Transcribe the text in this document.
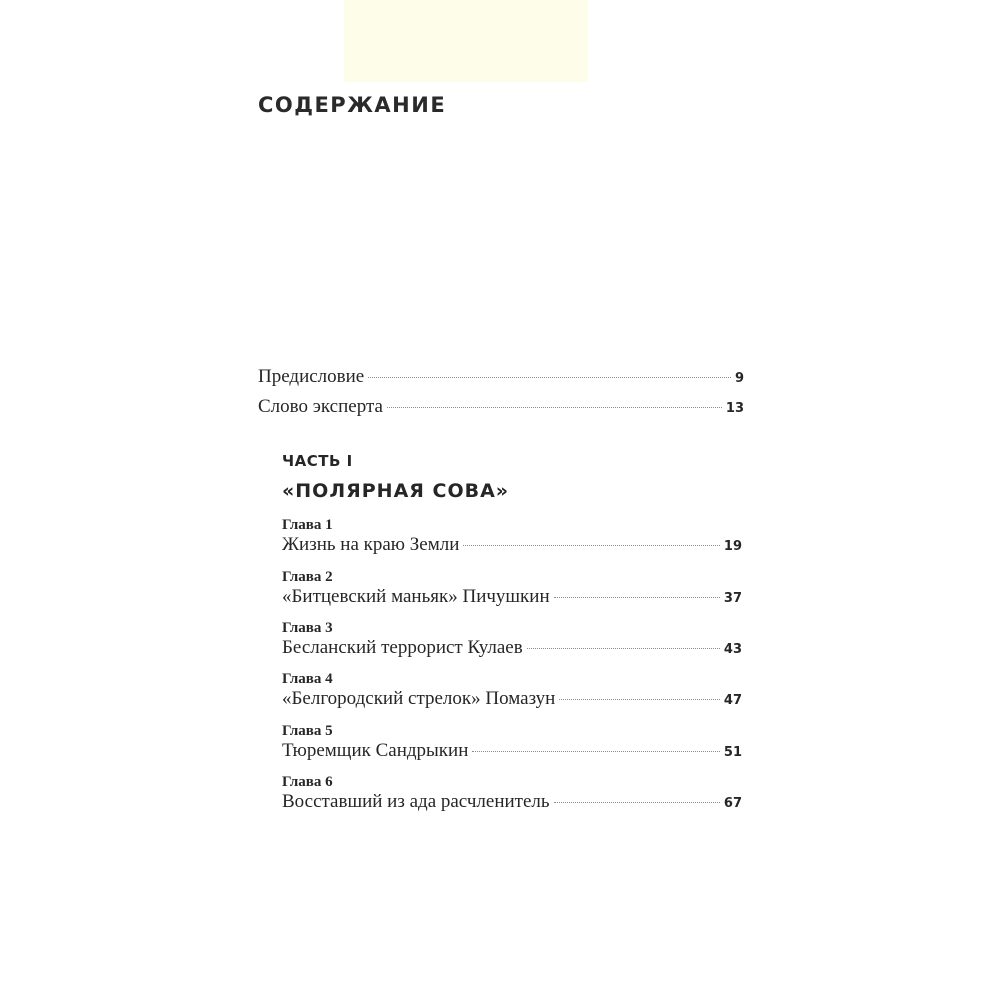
СОДЕРЖАНИЕ
Предисловие	9
Слово эксперта	13
ЧАСТЬ I
«ПОЛЯРНАЯ СОВА»
Глава 1
Жизнь на краю Земли	19
Глава 2
«Битцевский маньяк» Пичушкин	37
Глава 3
Бесланский террорист Кулаев	43
Глава 4
«Белгородский стрелок» Помазун	47
Глава 5
Тюремщик Сандрыкин	51
Глава 6
Восставший из ада расчленитель	67
